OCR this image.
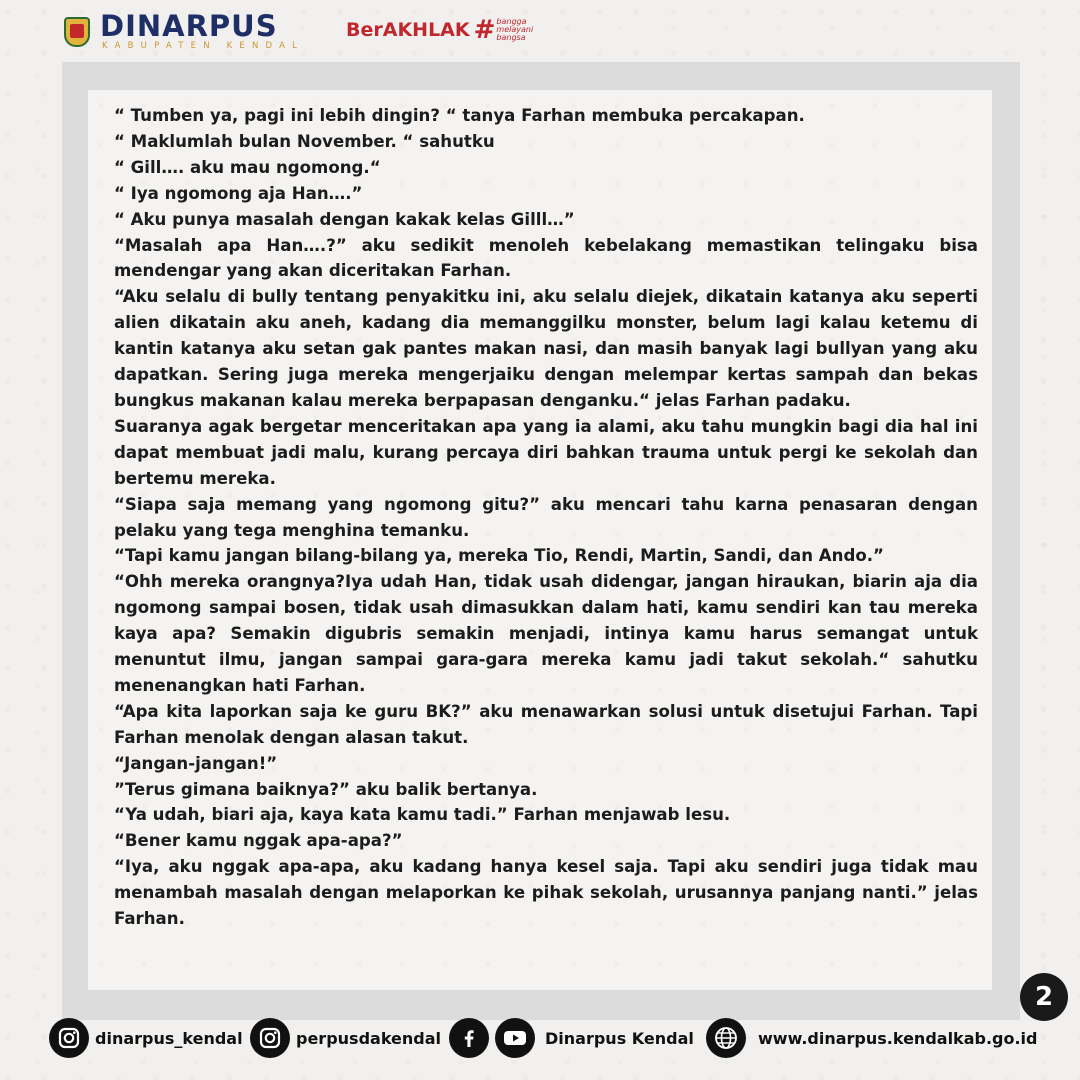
DINARPUS
KABUPATEN KENDAL
BerAKHLAK # bangga
melayani
bangsa

“ Tumben ya, pagi ini lebih dingin? “ tanya Farhan membuka percakapan.

“ Maklumlah bulan November. “ sahutku

“ Gill…. aku mau ngomong.“

“ Iya ngomong aja Han….”

“ Aku punya masalah dengan kakak kelas Gilll…”

“Masalah apa Han….?” aku sedikit menoleh kebelakang memastikan telingaku bisa mendengar yang akan diceritakan Farhan.

“Aku selalu di bully tentang penyakitku ini, aku selalu diejek, dikatain katanya aku seperti alien dikatain aku aneh, kadang dia memanggilku monster, belum lagi kalau ketemu di kantin katanya aku setan gak pantes makan nasi, dan masih banyak lagi bullyan yang aku dapatkan. Sering juga mereka mengerjaiku dengan melempar kertas sampah dan bekas bungkus makanan kalau mereka berpapasan denganku.“ jelas Farhan padaku.

Suaranya agak bergetar menceritakan apa yang ia alami, aku tahu mungkin bagi dia hal ini dapat membuat jadi malu, kurang percaya diri bahkan trauma untuk pergi ke sekolah dan bertemu mereka.

“Siapa saja memang yang ngomong gitu?” aku mencari tahu karna penasaran dengan pelaku yang tega menghina temanku.

“Tapi kamu jangan bilang-bilang ya, mereka Tio, Rendi, Martin, Sandi, dan Ando.”

“Ohh mereka orangnya?Iya udah Han, tidak usah didengar, jangan hiraukan, biarin aja dia ngomong sampai bosen, tidak usah dimasukkan dalam hati, kamu sendiri kan tau mereka kaya apa? Semakin digubris semakin menjadi, intinya kamu harus semangat untuk menuntut ilmu, jangan sampai gara-gara mereka kamu jadi takut sekolah.“ sahutku menenangkan hati Farhan.

“Apa kita laporkan saja ke guru BK?” aku menawarkan solusi untuk disetujui Farhan. Tapi Farhan menolak dengan alasan takut.

“Jangan-jangan!”

”Terus gimana baiknya?” aku balik bertanya.

“Ya udah, biari aja, kaya kata kamu tadi.” Farhan menjawab lesu.

“Bener kamu nggak apa-apa?”

“Iya, aku nggak apa-apa, aku kadang hanya kesel saja. Tapi aku sendiri juga tidak mau menambah masalah dengan melaporkan ke pihak sekolah, urusannya panjang nanti.” jelas Farhan.

2
dinarpus_kendal	perpusdakendal	Dinarpus Kendal	www.dinarpus.kendalkab.go.id
